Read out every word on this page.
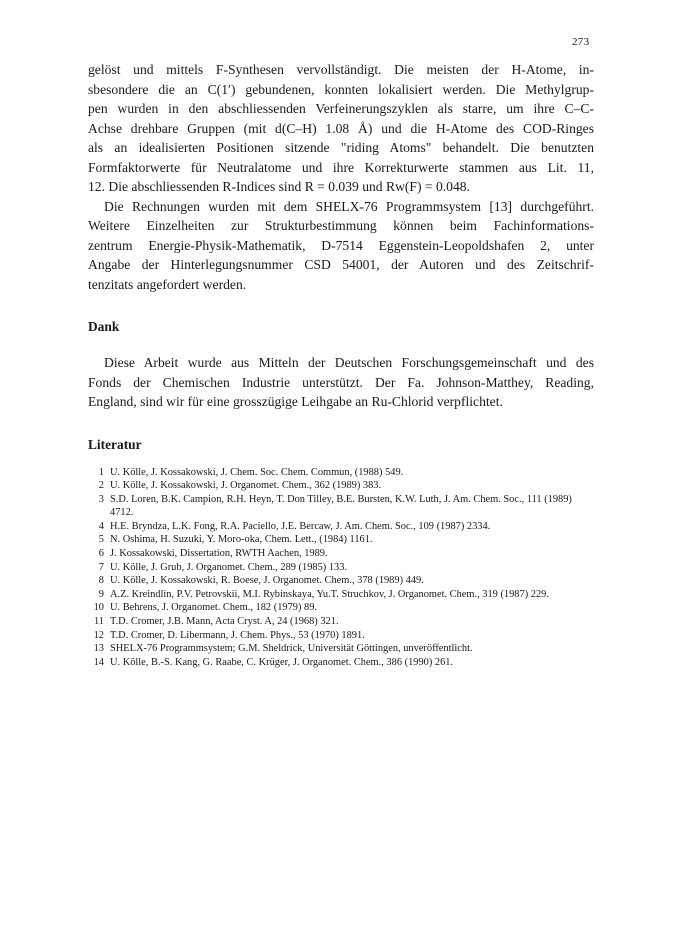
273

gelöst und mittels F-Synthesen vervollständigt. Die meisten der H-Atome, in-
sbesondere die an C(1′) gebundenen, konnten lokalisiert werden. Die Methylgrup-
pen wurden in den abschliessenden Verfeinerungszyklen als starre, um ihre C–C-
Achse drehbare Gruppen (mit d(C–H) 1.08 Å) und die H-Atome des COD-Ringes
als an idealisierten Positionen sitzende "riding Atoms" behandelt. Die benutzten
Formfaktorwerte für Neutralatome und ihre Korrekturwerte stammen aus Lit. 11,
12. Die abschliessenden R-Indices sind R = 0.039 und Rw(F) = 0.048.

Die Rechnungen wurden mit dem SHELX-76 Programmsystem [13] durchgeführt.
Weitere Einzelheiten zur Strukturbestimmung können beim Fachinformations-
zentrum Energie-Physik-Mathematik, D-7514 Eggenstein-Leopoldshafen 2, unter
Angabe der Hinterlegungsnummer CSD 54001, der Autoren und des Zeitschrif-
tenzitats angefordert werden.

Dank

Diese Arbeit wurde aus Mitteln der Deutschen Forschungsgemeinschaft und des
Fonds der Chemischen Industrie unterstützt. Der Fa. Johnson-Matthey, Reading,
England, sind wir für eine grosszügige Leihgabe an Ru-Chlorid verpflichtet.

Literatur
1 U. Kölle, J. Kossakowski, J. Chem. Soc. Chem. Commun, (1988) 549.
2 U. Kölle, J. Kossakowski, J. Organomet. Chem., 362 (1989) 383.
3 S.D. Loren, B.K. Campion, R.H. Heyn, T. Don Tilley, B.E. Bursten, K.W. Luth, J. Am. Chem. Soc., 111 (1989) 4712.
4 H.E. Bryndza, L.K. Fong, R.A. Paciello, J.E. Bercaw, J. Am. Chem. Soc., 109 (1987) 2334.
5 N. Oshima, H. Suzuki, Y. Moro-oka, Chem. Lett., (1984) 1161.
6 J. Kossakowski, Dissertation, RWTH Aachen, 1989.
7 U. Kölle, J. Grub, J. Organomet. Chem., 289 (1985) 133.
8 U. Kölle, J. Kossakowski, R. Boese, J. Organomet. Chem., 378 (1989) 449.
9 A.Z. Kreindlin, P.V. Petrovskii, M.I. Rybinskaya, Yu.T. Struchkov, J. Organomet. Chem., 319 (1987) 229.
10 U. Behrens, J. Organomet. Chem., 182 (1979) 89.
11 T.D. Cromer, J.B. Mann, Acta Cryst. A, 24 (1968) 321.
12 T.D. Cromer, D. Libermann, J. Chem. Phys., 53 (1970) 1891.
13 SHELX-76 Programmsystem; G.M. Sheldrick, Universität Göttingen, unveröffentlicht.
14 U. Kölle, B.-S. Kang, G. Raabe, C. Krüger, J. Organomet. Chem., 386 (1990) 261.
